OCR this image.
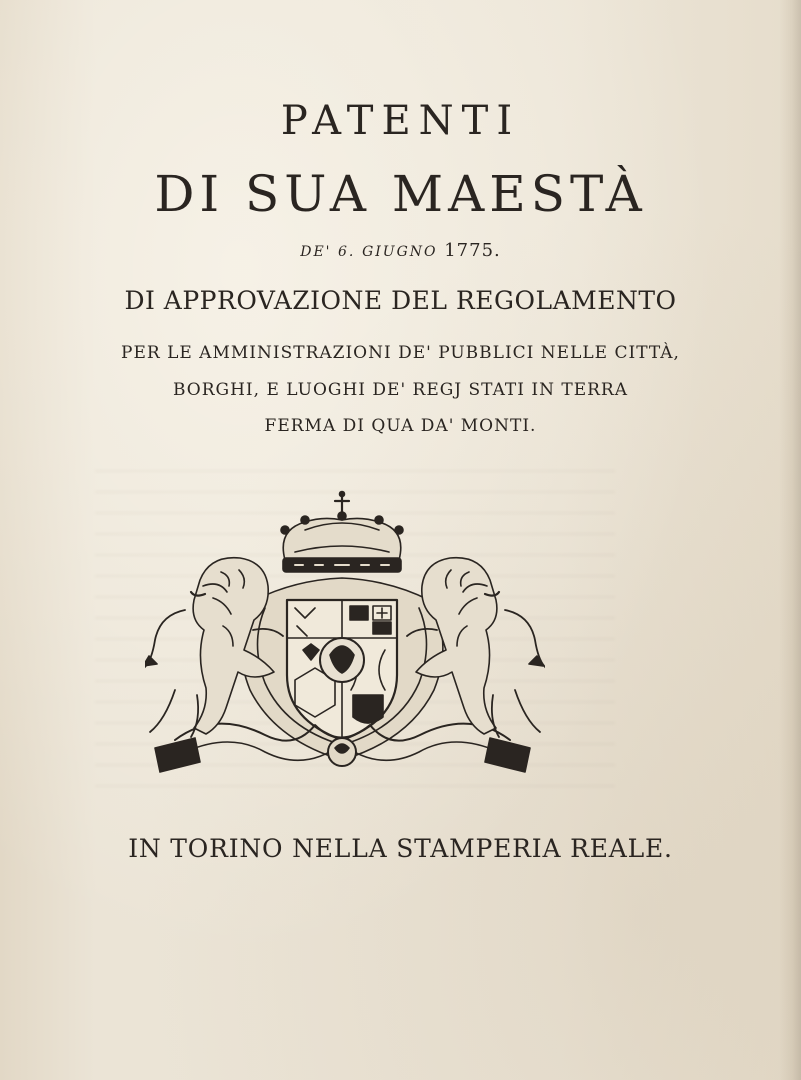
PATENTI
DI SUA MAESTÀ
DE' 6. GIUGNO 1775.
DI APPROVAZIONE DEL REGOLAMENTO
PER LE AMMINISTRAZIONI DE' PUBBLICI NELLE CITTÀ,
BORGHI, E LUOGHI DE' REGJ STATI IN TERRA
FERMA DI QUA DA' MONTI.
IN TORINO NELLA STAMPERIA REALE.
